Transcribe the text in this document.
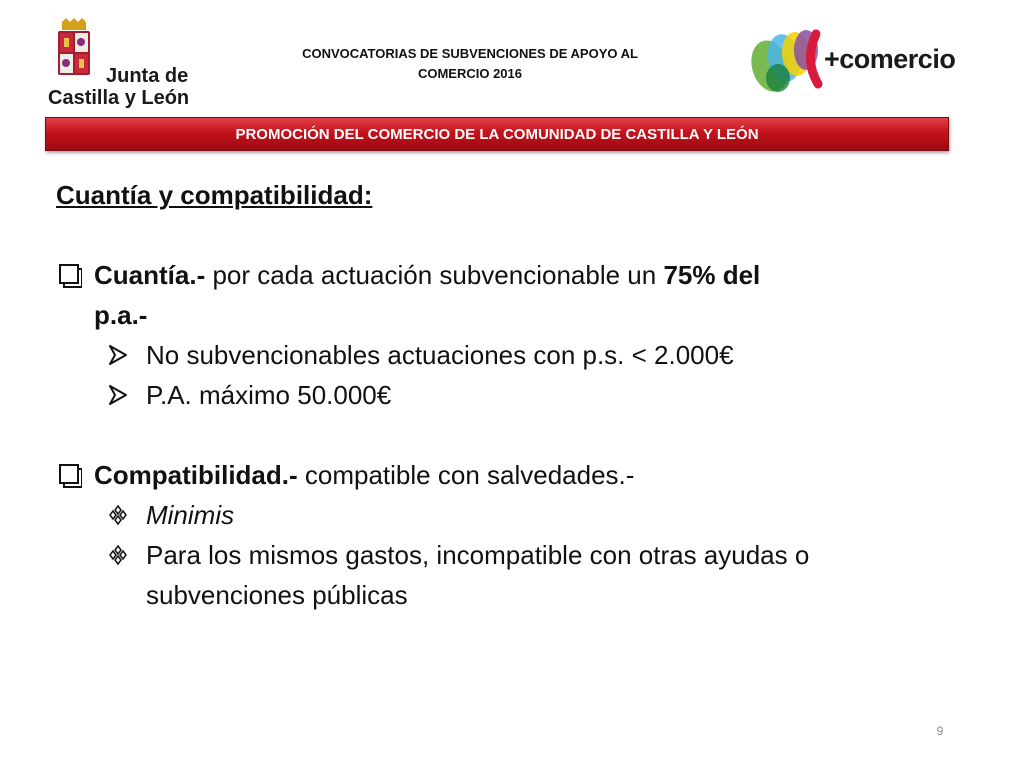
Junta de
Castilla y León
CONVOCATORIAS DE SUBVENCIONES DE APOYO AL
COMERCIO 2016	+comercio
PROMOCIÓN DEL COMERCIO DE LA COMUNIDAD DE CASTILLA Y LEÓN
Cuantía y compatibilidad:
Cuantía.- por cada actuación subvencionable un 75% del
p.a.-
No subvencionables actuaciones con p.s. < 2.000€
P.A. máximo 50.000€
Compatibilidad.- compatible con salvedades.-
Minimis
Para los mismos gastos, incompatible con otras ayudas o
subvenciones públicas
9
